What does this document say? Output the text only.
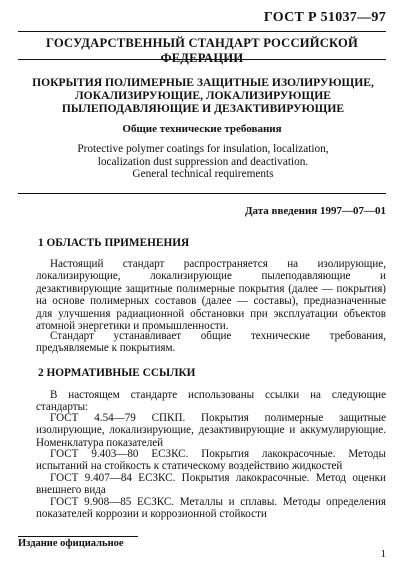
ГОСТ Р 51037—97
ГОСУДАРСТВЕННЫЙ СТАНДАРТ РОССИЙСКОЙ ФЕДЕРАЦИИ
ПОКРЫТИЯ ПОЛИМЕРНЫЕ ЗАЩИТНЫЕ ИЗОЛИРУЮЩИЕ,
ЛОКАЛИЗИРУЮЩИЕ, ЛОКАЛИЗИРУЮЩИЕ
ПЫЛЕПОДАВЛЯЮЩИЕ И ДЕЗАКТИВИРУЮЩИЕ
Общие технические требования
Protective polymer coatings for insulation, localization,
localization dust suppression and deactivation.
General technical requirements
Дата введения 1997—07—01
1 ОБЛАСТЬ ПРИМЕНЕНИЯ
Настоящий стандарт распространяется на изолирующие, локализирующие, локализирующие пылеподавляющие и дезактивирующие защитные полимерные покрытия (далее — покрытия) на основе полимерных составов (далее — составы), предназначенные для улучшения радиационной обстановки при эксплуатации объектов атомной энергетики и промышленности.
Стандарт устанавливает общие технические требования, предъявляемые к покрытиям.
2 НОРМАТИВНЫЕ ССЫЛКИ
В настоящем стандарте использованы ссылки на следующие стандарты:
ГОСТ 4.54—79 СПКП. Покрытия полимерные защитные изолирующие, локализирующие, дезактивирующие и аккумулирующие. Номенклатура показателей
ГОСТ 9.403—80 ЕСЗКС. Покрытия лакокрасочные. Методы испытаний на стойкость к статическому воздействию жидкостей
ГОСТ 9.407—84 ЕСЗКС. Покрытия лакокрасочные. Метод оценки внешнего вида
ГОСТ 9.908—85 ЕСЗКС. Металлы и сплавы. Методы определения показателей коррозии и коррозионной стойкости
Издание официальное
1
